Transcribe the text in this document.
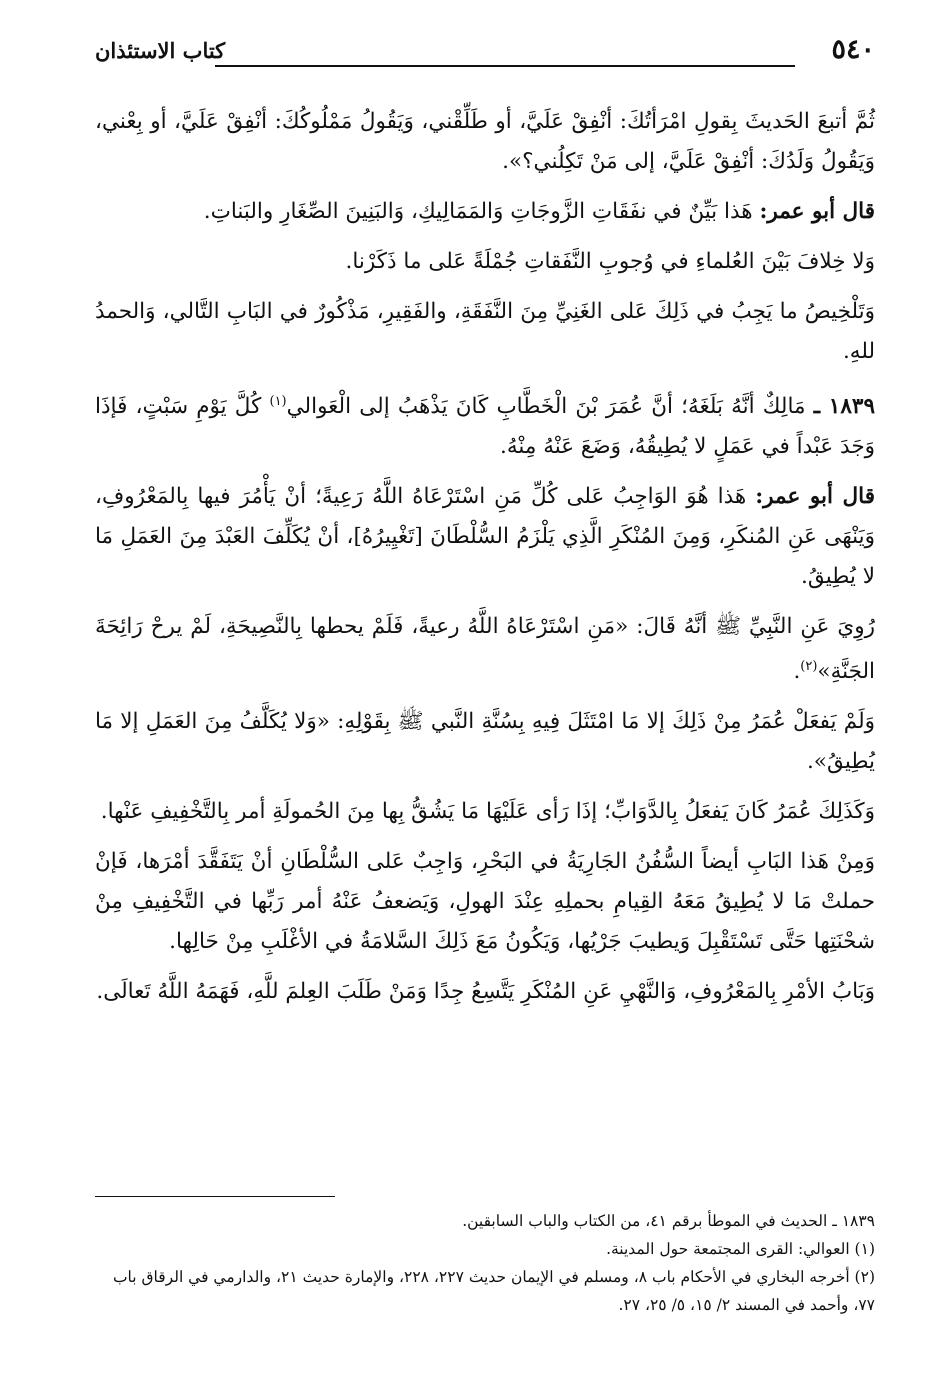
٥٤٠
كتاب الاستئذان

ثُمَّ أتبعَ الحَديثَ بِقولِ امْرَأتُكَ: أنْفِقْ عَلَيَّ، أو طَلِّقْني، وَيَقُولُ مَمْلُوكُكَ: أنْفِقْ عَلَيَّ، أو بِعْني، وَيَقُولُ وَلَدُكَ: أنْفِقْ عَلَيَّ، إلى مَنْ تَكِلُني؟».

قال أبو عمر: هَذا بَيِّنٌ في نفَقَاتِ الزَّوجَاتِ وَالمَمَالِيكِ، وَالبَنِينَ الصِّغَارِ والبَناتِ.

وَلا خِلافَ بَيْنَ العُلماءِ في وُجوبِ النَّفَقاتِ جُمْلَةً عَلى ما ذَكَرْنا.

وَتَلْخِيصُ ما يَجِبُ في ذَلِكَ عَلى الغَنِيِّ مِنَ النَّفَقَةِ، والفَقِيرِ، مَذْكُورٌ في البَابِ التَّالي، وَالحمدُ للهِ.

١٨٣٩ ـ مَالِكٌ أنَّهُ بَلَغَهُ؛ أنَّ عُمَرَ بْنَ الْخَطَّابِ كَانَ يَذْهَبُ إلى الْعَوالي$^{(١)}$ كُلَّ يَوْمِ سَبْتٍ، فَإذَا وَجَدَ عَبْداً في عَمَلٍ لا يُطِيقُهُ، وَضَعَ عَنْهُ مِنْهُ.

قال أبو عمر: هَذا هُوَ الوَاجِبُ عَلى كُلِّ مَنِ اسْتَرْعَاهُ اللَّهُ رَعِيةً؛ أنْ يَأْمُرَ فيها بِالمَعْرُوفِ، وَيَنْهَى عَنِ المُنكَرِ، وَمِنَ المُنْكَرِ الَّذِي يَلْزَمُ السُّلْطَانَ [تَغْيِيرُهُ]، أنْ يُكَلِّفَ العَبْدَ مِنَ العَمَلِ مَا لا يُطِيقُ.

رُوِيَ عَنِ النَّبِيِّ ﷺ أنَّهُ قَالَ: «مَنِ اسْتَرْعَاهُ اللَّهُ رعيةً، فَلَمْ يحطها بِالنَّصِيحَةِ، لَمْ يرحْ رَائِحَةَ الجَنَّةِ»$^{(٢)}$.

وَلَمْ يَفعَلْ عُمَرُ مِنْ ذَلِكَ إلا مَا امْتَثَلَ فِيهِ بِسُنَّةِ النَّبي ﷺ بِقَوْلِهِ: «وَلا يُكَلَّفُ مِنَ العَمَلِ إلا مَا يُطِيقُ».

وَكَذَلِكَ عُمَرُ كَانَ يَفعَلُ بِالدَّوَابِّ؛ إذَا رَأى عَلَيْهَا مَا يَشُقُّ بِها مِنَ الحُمولَةِ أمر بِالتَّخْفِيفِ عَنْها.

وَمِنْ هَذا البَابِ أيضاً السُّفُنُ الجَارِيَةُ في البَحْرِ، وَاجِبٌ عَلى السُّلْطَانِ أنْ يَتَفَقَّدَ أمْرَها، فَإنْ حملتْ مَا لا يُطِيقُ مَعَهُ القِيامِ بحملِهِ عِنْدَ الهولِ، وَيَضعفُ عَنْهُ أمر رَبِّها في التَّخْفِيفِ مِنْ شحْنَتِها حَتَّى تَسْتَقْبِلَ وَيطيبَ جَرْيُها، وَيَكُونُ مَعَ ذَلِكَ السَّلامَةُ في الأغْلَبِ مِنْ حَالِها.

وَبَابُ الأمْرِ بِالمَعْرُوفِ، وَالنَّهْيِ عَنِ المُنْكَرِ يَتَّسِعُ جِدًا وَمَنْ طَلَبَ العِلمَ للَّهِ، فَهَمَهُ اللَّهُ تَعالَى.

١٨٣٩ ـ الحديث في الموطأ برقم ٤١، من الكتاب والباب السابقين.

(١) العوالي: القرى المجتمعة حول المدينة.

(٢) أخرجه البخاري في الأحكام باب ٨، ومسلم في الإيمان حديث ٢٢٧، ٢٢٨، والإمارة حديث ٢١، والدارمي في الرقاق باب ٧٧، وأحمد في المسند ٢/ ١٥، ٥/ ٢٥، ٢٧.
